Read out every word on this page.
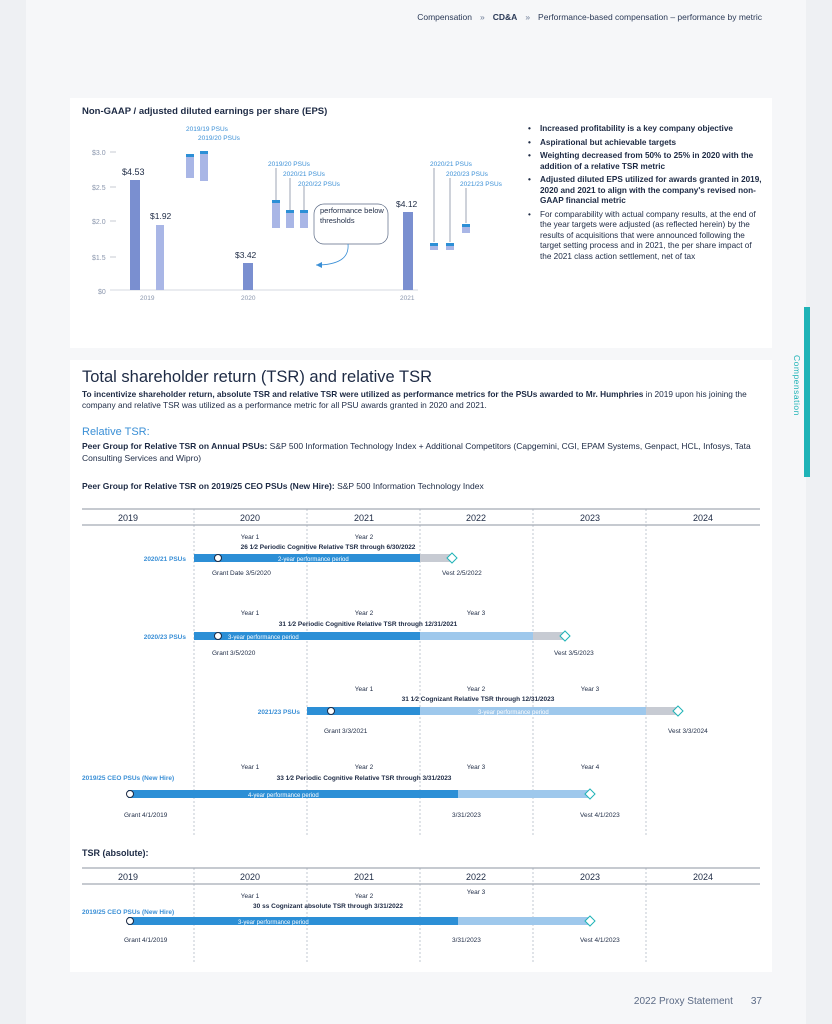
Compensation » CD&A » Performance-based compensation – performance by metric
Compensation
Non-GAAP / adjusted diluted earnings per share (EPS)
$3.0
$2.5
$2.0
$1.5
$0
$4.53
$1.92
$3.42
$4.12
2019	2020	2021
2019/19 PSUs
2019/20 PSUs
2019/20 PSUs
2020/21 PSUs
2020/22 PSUs
performance below thresholds
2020/21 PSUs
2020/23 PSUs
2021/23 PSUs
• Increased profitability is a key company objective
• Aspirational but achievable targets
• Weighting decreased from 50% to 25% in 2020 with the addition of a relative TSR metric
• Adjusted diluted EPS utilized for awards granted in 2019, 2020 and 2021 to align with the company's revised non-GAAP financial metric
• For comparability with actual company results, at the end of the year targets were adjusted (as reflected herein) by the results of acquisitions that were announced following the target setting process and in 2021, the per share impact of the 2021 class action settlement, net of tax
Total shareholder return (TSR) and relative TSR
To incentivize shareholder return, absolute TSR and relative TSR were utilized as performance metrics for the PSUs awarded to Mr. Humphries in 2019 upon his joining the company and relative TSR was utilized as a performance metric for all PSU awards granted in 2020 and 2021.
Relative TSR:
Peer Group for Relative TSR on Annual PSUs: S&P 500 Information Technology Index + Additional Competitors (Capgemini, CGI, EPAM Systems, Genpact, HCL, Infosys, Tata Consulting Services and Wipro)
Peer Group for Relative TSR on 2019/25 CEO PSUs (New Hire): S&P 500 Information Technology Index
2019	2020	2021	2022	2023	2024
Year 1	Year 2
26 1⁄2 Periodic Cognitive Relative TSR through 6/30/2022
2020/21 PSUs	2-year performance period
Grant Date 3/5/2020	Vest 2/5/2022
Year 1	Year 2	Year 3
31 1⁄2 Periodic Cognitive Relative TSR through 12/31/2021
2020/23 PSUs	3-year performance period
Grant 3/5/2020	Vest 3/5/2023
Year 1	Year 2	Year 3
31 1⁄2 Cognizant Relative TSR through 12/31/2023
2021/23 PSUs	3-year performance period
Grant 3/3/2021	Vest 3/3/2024
Year 1	Year 2	Year 3	Year 4
33 1⁄2 Periodic Cognitive Relative TSR through 3/31/2023
2019/25 CEO PSUs (New Hire)
4-year performance period
Grant 4/1/2019	3/31/2023	Vest 4/1/2023
TSR (absolute):
2019	2020	2021	2022	2023	2024
Year 1	Year 2
Year 3
30 ss Cognizant absolute TSR through 3/31/2022
2019/25 CEO PSUs (New Hire)
3-year performance period
Grant 4/1/2019	3/31/2023	Vest 4/1/2023
2022 Proxy Statement 37
